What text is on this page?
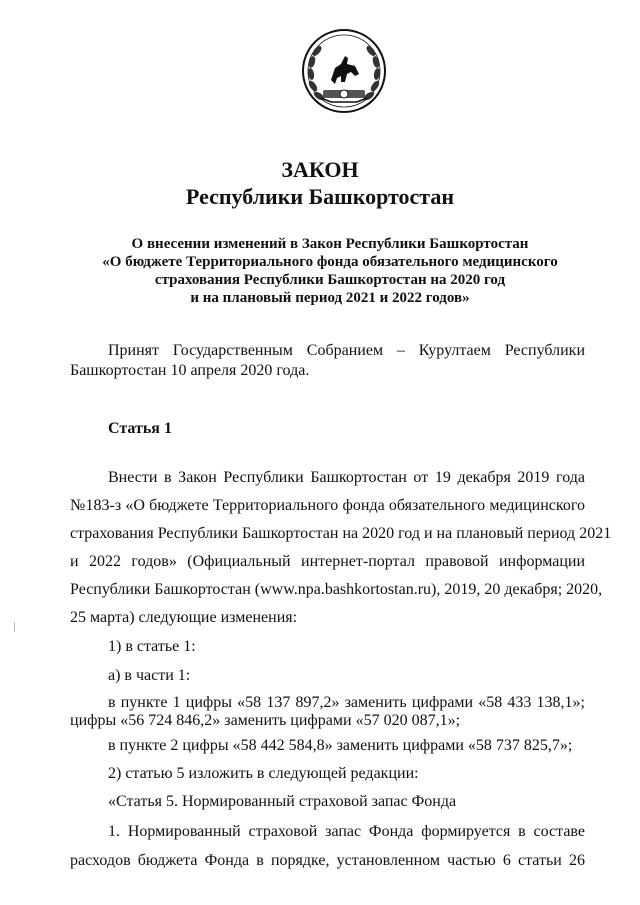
ЗАКОН
Республики Башкортостан
О внесении изменений в Закон Республики Башкортостан
«О бюджете Территориального фонда обязательного медицинского
страхования Республики Башкортостан на 2020 год
и на плановый период 2021 и 2022 годов»
Принят Государственным Собранием – Курултаем Республики
Башкортостан 10 апреля 2020 года.
Статья 1
Внести в Закон Республики Башкортостан от 19 декабря 2019 года
№183-з «О бюджете Территориального фонда обязательного медицинского
страхования Республики Башкортостан на 2020 год и на плановый период 2021
и 2022 годов» (Официальный интернет-портал правовой информации
Республики Башкортостан (www.npa.bashkortostan.ru), 2019, 20 декабря; 2020,
25 марта) следующие изменения:
1) в статье 1:
а) в части 1:
в пункте 1 цифры «58 137 897,2» заменить цифрами «58 433 138,1»;
цифры «56 724 846,2» заменить цифрами «57 020 087,1»;
в пункте 2 цифры «58 442 584,8» заменить цифрами «58 737 825,7»;
2) статью 5 изложить в следующей редакции:
«Статья 5. Нормированный страховой запас Фонда
1. Нормированный страховой запас Фонда формируется в составе
расходов бюджета Фонда в порядке, установленном частью 6 статьи 26
